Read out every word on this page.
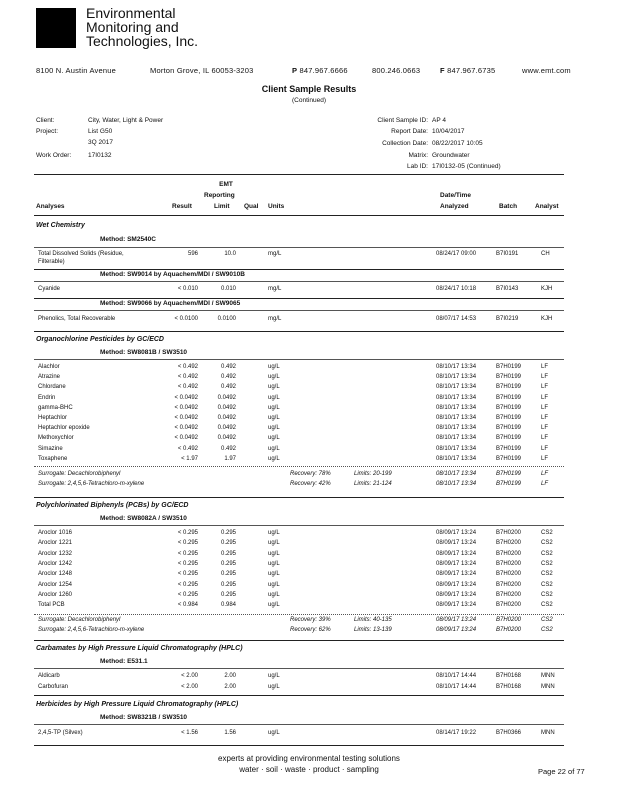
Environmental
Monitoring and
Technologies, Inc.
8100 N. Austin Avenue	Morton Grove, IL 60053-3203	P 847.967.6666	800.246.0663	F 847.967.6735	www.emt.com
Client Sample Results
(Continued)
Client:	City, Water, Light & Power
Project:	List G50
3Q 2017
Work Order:	17I0132
Client Sample ID: AP 4
Report Date: 10/04/2017
Collection Date: 08/22/2017 10:05
Matrix: Groundwater
Lab ID: 17I0132-05 (Continued)
EMT
Reporting
Analyses	Result	Limit Qual Units
Date/Time
Analyzed	Batch	Analyst
Wet Chemistry
Method: SM2540C
Total Dissolved Solids (Residue,	596	10.0	mg/L	08/24/17 09:00	B7I0191	CH
Filterable)
Method: SW9014 by Aquachem/MDI / SW9010B
Cyanide	< 0.010	0.010	mg/L	08/24/17 10:18	B7I0143	KJH
Method: SW9066 by Aquachem/MDI / SW9065
Phenolics, Total Recoverable	< 0.0100	0.0100	mg/L	08/07/17 14:53	B7I0219	KJH
Organochlorine Pesticides by GC/ECD
Method: SW8081B / SW3510
Alachlor	< 0.492	0.492	ug/L	08/10/17 13:34	B7H0199	LF
Atrazine	< 0.492	0.492	ug/L	08/10/17 13:34	B7H0199	LF
Chlordane	< 0.492	0.492	ug/L	08/10/17 13:34	B7H0199	LF
Endrin	< 0.0492	0.0492	ug/L	08/10/17 13:34	B7H0199	LF
gamma-BHC	< 0.0492	0.0492	ug/L	08/10/17 13:34	B7H0199	LF
Heptachlor	< 0.0492	0.0492	ug/L	08/10/17 13:34	B7H0199	LF
Heptachlor epoxide	< 0.0492	0.0492	ug/L	08/10/17 13:34	B7H0199	LF
Methoxychlor	< 0.0492	0.0492	ug/L	08/10/17 13:34	B7H0199	LF
Simazine	< 0.492	0.492	ug/L	08/10/17 13:34	B7H0199	LF
Toxaphene	< 1.97	1.97	ug/L	08/10/17 13:34	B7H0199	LF
Surrogate: Decachlorobiphenyl	Recovery: 78%	Limits: 20-199	08/10/17 13:34	B7H0199	LF
Surrogate: 2,4,5,6-Tetrachloro-m-xylene	Recovery: 42%	Limits: 21-124	08/10/17 13:34	B7H0199	LF
Polychlorinated Biphenyls (PCBs) by GC/ECD
Method: SW8082A / SW3510
Aroclor 1016	< 0.295	0.295	ug/L	08/09/17 13:24	B7H0200	CS2
Aroclor 1221	< 0.295	0.295	ug/L	08/09/17 13:24	B7H0200	CS2
Aroclor 1232	< 0.295	0.295	ug/L	08/09/17 13:24	B7H0200	CS2
Aroclor 1242	< 0.295	0.295	ug/L	08/09/17 13:24	B7H0200	CS2
Aroclor 1248	< 0.295	0.295	ug/L	08/09/17 13:24	B7H0200	CS2
Aroclor 1254	< 0.295	0.295	ug/L	08/09/17 13:24	B7H0200	CS2
Aroclor 1260	< 0.295	0.295	ug/L	08/09/17 13:24	B7H0200	CS2
Total PCB	< 0.984	0.984	ug/L	08/09/17 13:24	B7H0200	CS2
Surrogate: Decachlorobiphenyl	Recovery: 39%	Limits: 40-135	08/09/17 13:24	B7H0200	CS2
Surrogate: 2,4,5,6-Tetrachloro-m-xylene	Recovery: 62%	Limits: 13-139	08/09/17 13:24	B7H0200	CS2
Carbamates by High Pressure Liquid Chromatography (HPLC)
Method: E531.1
Aldicarb	< 2.00	2.00	ug/L	08/10/17 14:44	B7H0168	MNN
Carbofuran	< 2.00	2.00	ug/L	08/10/17 14:44	B7H0168	MNN
Herbicides by High Pressure Liquid Chromatography (HPLC)
Method: SW8321B / SW3510
2,4,5-TP (Silvex)	< 1.56	1.56	ug/L	08/14/17 19:22	B7H0366	MNN
experts at providing environmental testing solutions
water · soil · waste · product · sampling	Page 22 of 77
